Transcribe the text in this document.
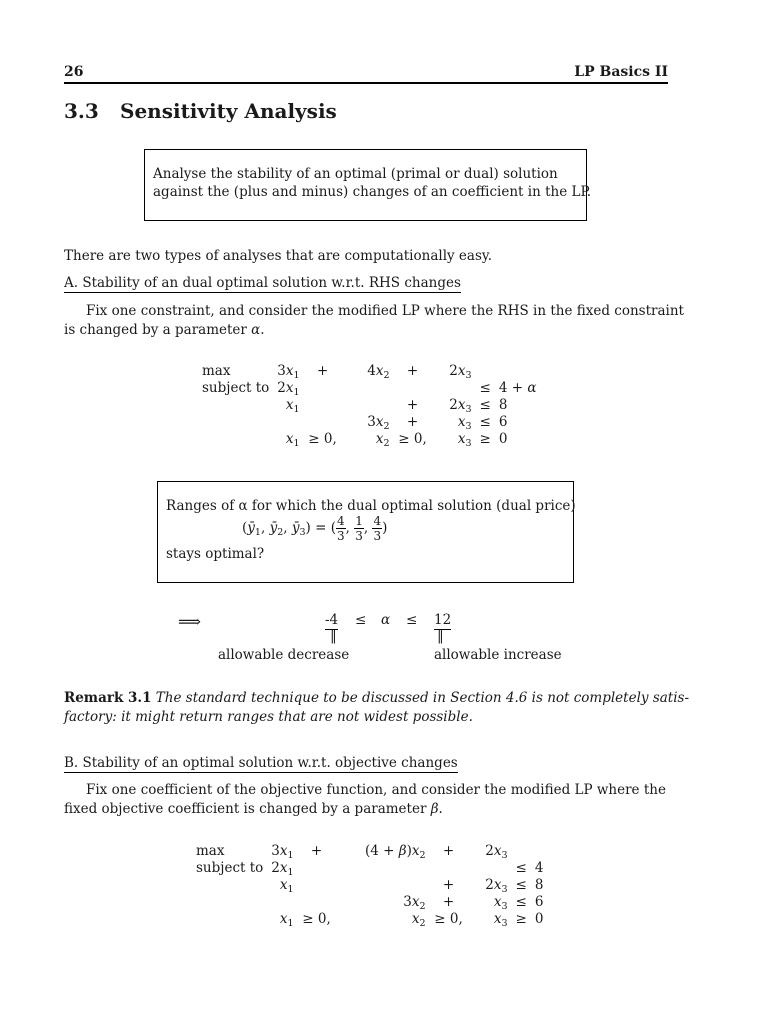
26	LP Basics II
3.3 Sensitivity Analysis
Analyse the stability of an optimal (primal or dual) solution
against the (plus and minus) changes of an coefficient in the LP.
There are two types of analyses that are computationally easy.
A. Stability of an dual optimal solution w.r.t. RHS changes
Fix one constraint, and consider the modified LP where the RHS in the fixed constraint
is changed by a parameter α.
max	$3x_1$	+	$4x_2$	+	$2x_3$		
subject to	$2x_1$					≤	4 + α
	$x_1$			+	$2x_3$	≤	8
			$3x_2$	+	$x_3$	≤	6
	$x_1$	≥ 0,	$x_2$	≥ 0,	$x_3$	≥	0
Ranges of α for which the dual optimal solution (dual price)
($ȳ_1$, $ȳ_2$, $ȳ_3$) = ( $\frac{4}{3}$ , $\frac{1}{3}$ , $\frac{4}{3}$ )
stays optimal?
⟹	-4 ≤ α ≤ 12
‖	‖
allowable decrease	allowable increase
Remark 3.1 The standard technique to be discussed in Section 4.6 is not completely satis-
factory: it might return ranges that are not widest possible.
B. Stability of an optimal solution w.r.t. objective changes
Fix one coefficient of the objective function, and consider the modified LP where the
fixed objective coefficient is changed by a parameter β.
max	$3x_1$	+	$(4 + \beta)x_2$	+	$2x_3$		
subject to	$2x_1$					≤	4
	$x_1$			+	$2x_3$	≤	8
			$3x_2$	+	$x_3$	≤	6
	$x_1$	≥ 0,	$x_2$	≥ 0,	$x_3$	≥	0
